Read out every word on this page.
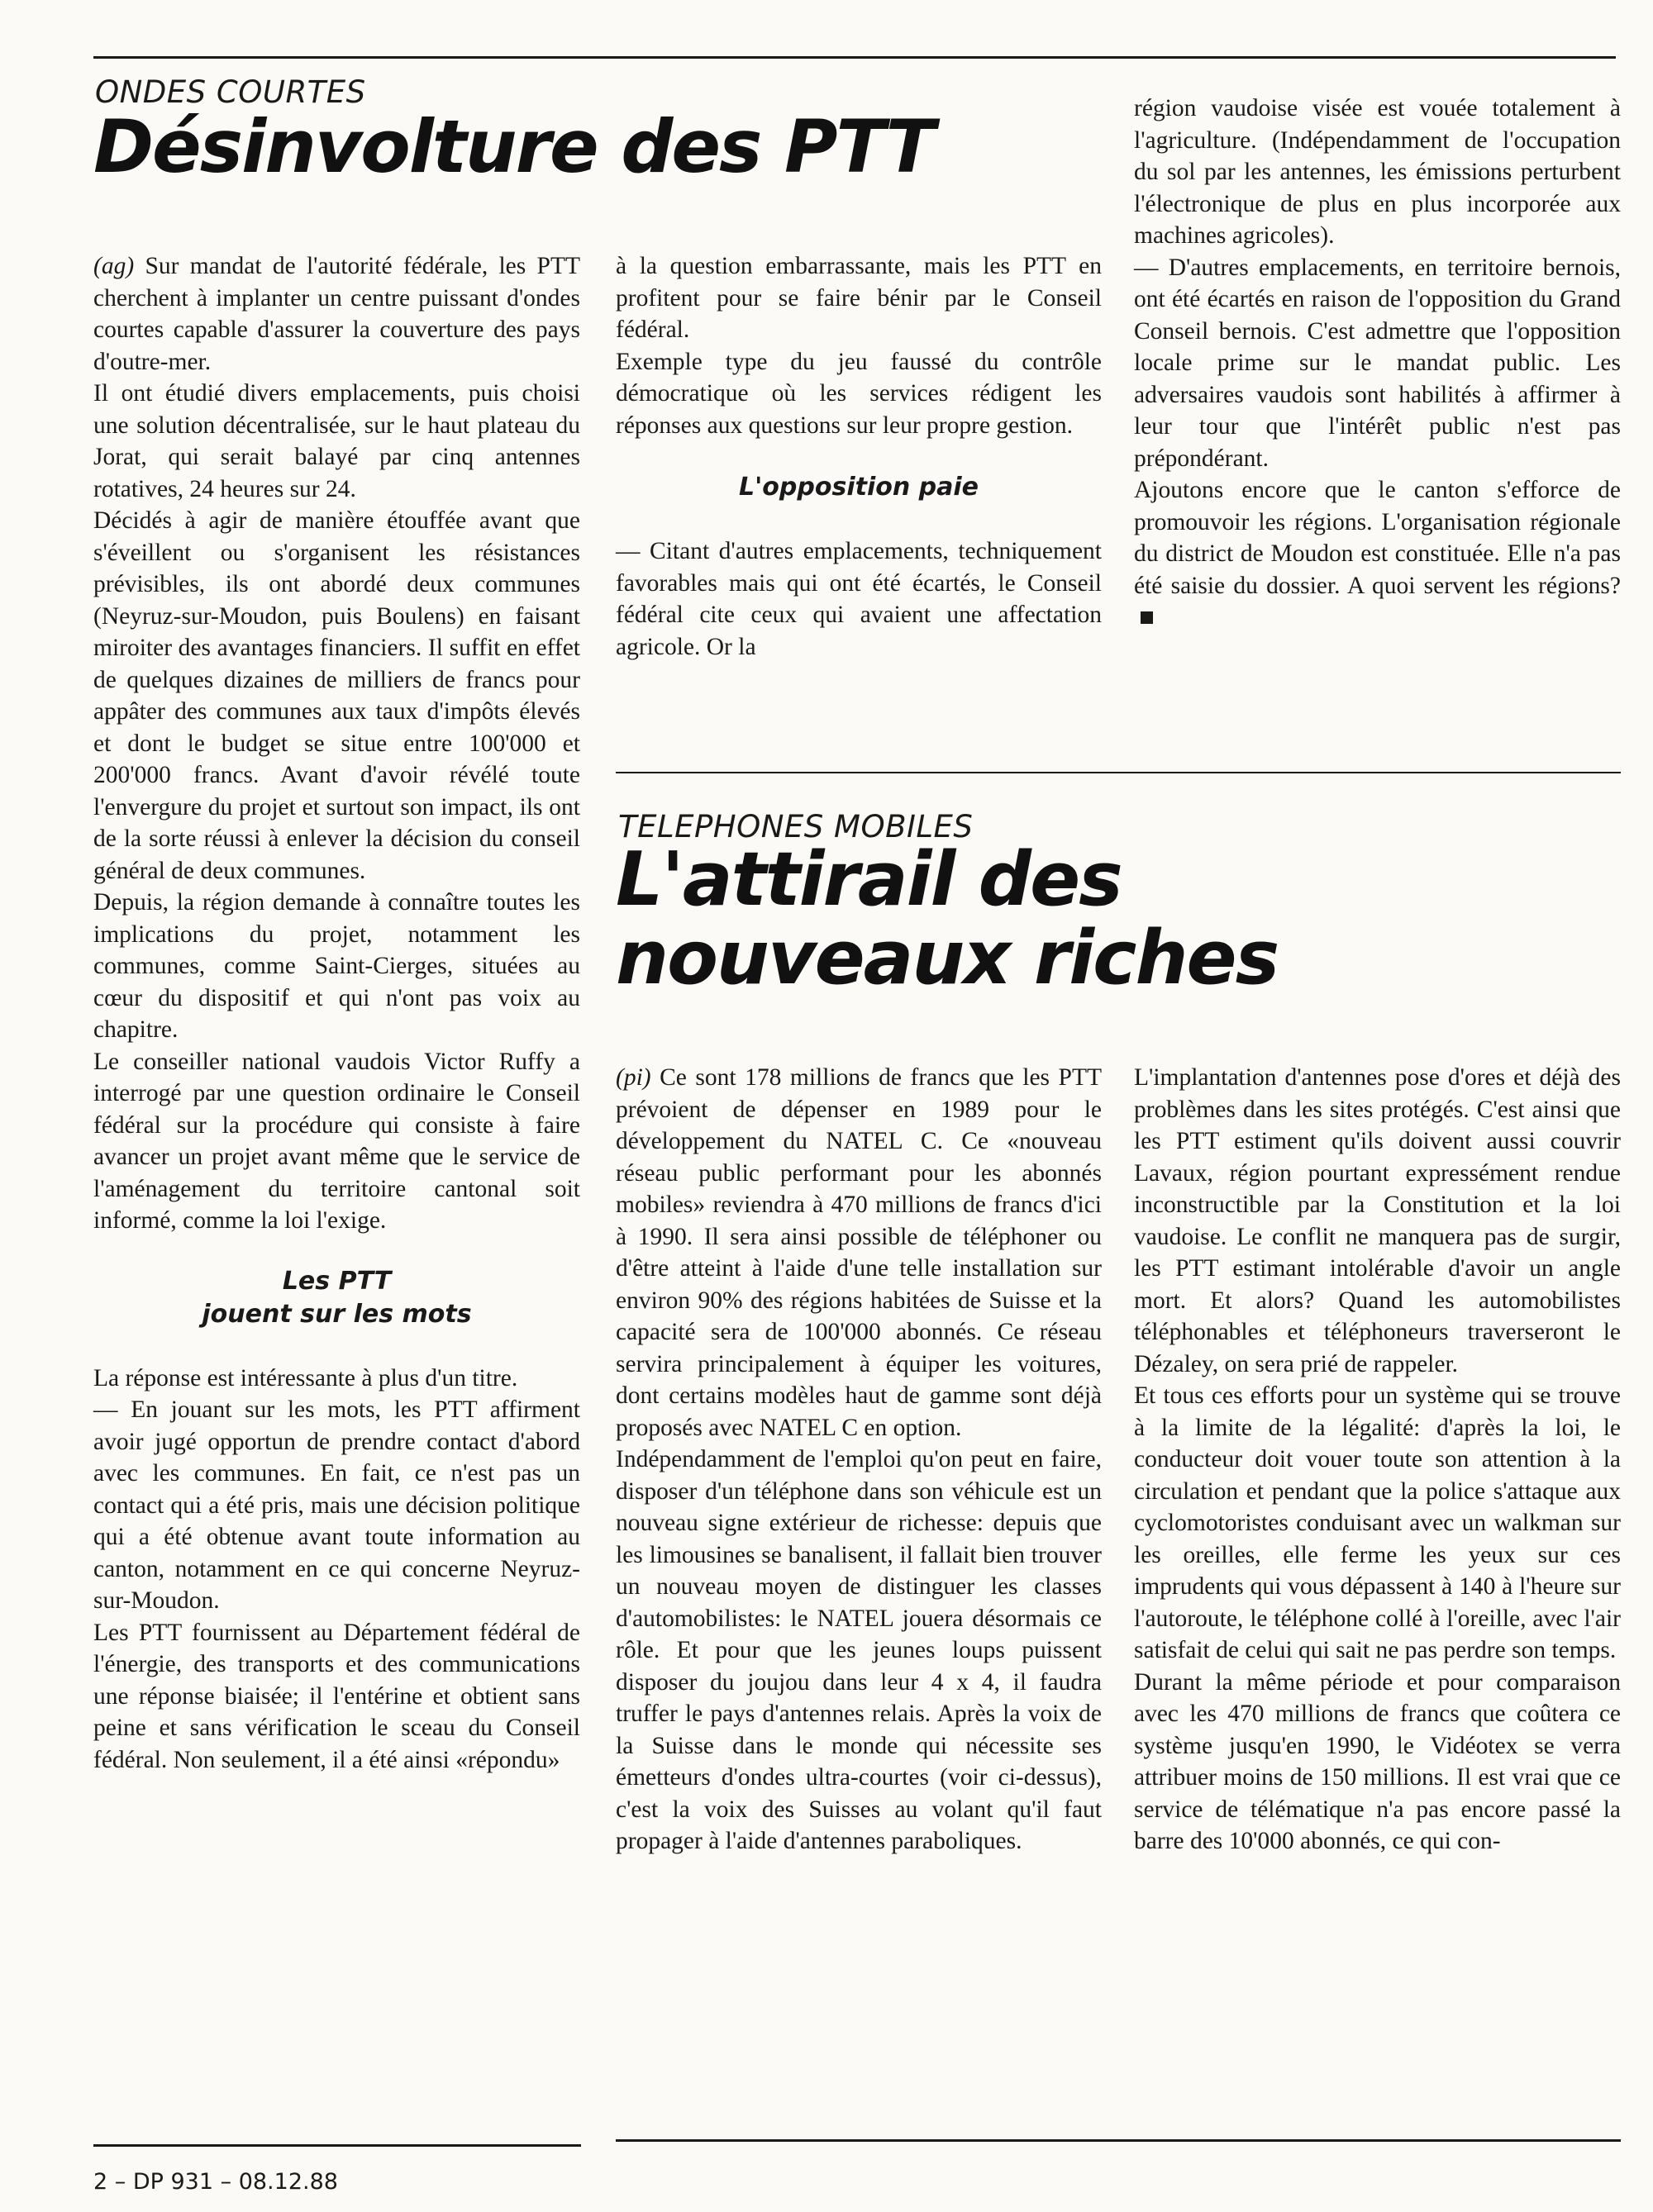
ONDES COURTES
Désinvolture des PTT

(ag) Sur mandat de l'autorité fédérale, les PTT cherchent à implanter un centre puissant d'ondes courtes capable d'assurer la couverture des pays d'outre-mer.

Il ont étudié divers emplacements, puis choisi une solution décentralisée, sur le haut plateau du Jorat, qui serait balayé par cinq antennes rotatives, 24 heures sur 24.

Décidés à agir de manière étouffée avant que s'éveillent ou s'organisent les résistances prévisibles, ils ont abordé deux communes (Neyruz-sur-Moudon, puis Boulens) en faisant miroiter des avantages financiers. Il suffit en effet de quelques dizaines de milliers de francs pour appâter des communes aux taux d'impôts élevés et dont le budget se situe entre 100'000 et 200'000 francs. Avant d'avoir révélé toute l'envergure du projet et surtout son impact, ils ont de la sorte réussi à enlever la décision du conseil général de deux communes.

Depuis, la région demande à connaître toutes les implications du projet, notamment les communes, comme Saint-Cierges, situées au cœur du dispositif et qui n'ont pas voix au chapitre.

Le conseiller national vaudois Victor Ruffy a interrogé par une question ordinaire le Conseil fédéral sur la procédure qui consiste à faire avancer un projet avant même que le service de l'aménagement du territoire cantonal soit informé, comme la loi l'exige.

Les PTT

jouent sur les mots

La réponse est intéressante à plus d'un titre.

— En jouant sur les mots, les PTT affirment avoir jugé opportun de prendre contact d'abord avec les communes. En fait, ce n'est pas un contact qui a été pris, mais une décision politique qui a été obtenue avant toute information au canton, notamment en ce qui concerne Neyruz-sur-Moudon.

Les PTT fournissent au Département fédéral de l'énergie, des transports et des communications une réponse biaisée; il l'entérine et obtient sans peine et sans vérification le sceau du Conseil fédéral. Non seulement, il a été ainsi «répondu»

à la question embarrassante, mais les PTT en profitent pour se faire bénir par le Conseil fédéral.

Exemple type du jeu faussé du contrôle démocratique où les services rédigent les réponses aux questions sur leur propre gestion.

L'opposition paie

— Citant d'autres emplacements, techniquement favorables mais qui ont été écartés, le Conseil fédéral cite ceux qui avaient une affectation agricole. Or la

région vaudoise visée est vouée totalement à l'agriculture. (Indépendamment de l'occupation du sol par les antennes, les émissions perturbent l'électronique de plus en plus incorporée aux machines agricoles).

— D'autres emplacements, en territoire bernois, ont été écartés en raison de l'opposition du Grand Conseil bernois. C'est admettre que l'opposition locale prime sur le mandat public. Les adversaires vaudois sont habilités à affirmer à leur tour que l'intérêt public n'est pas prépondérant.

Ajoutons encore que le canton s'efforce de promouvoir les régions. L'organisation régionale du district de Moudon est constituée. Elle n'a pas été saisie du dossier. A quoi servent les régions?

TELEPHONES MOBILES
L'attirail des
nouveaux riches

(pi) Ce sont 178 millions de francs que les PTT prévoient de dépenser en 1989 pour le développement du NATEL C. Ce «nouveau réseau public performant pour les abonnés mobiles» reviendra à 470 millions de francs d'ici à 1990. Il sera ainsi possible de téléphoner ou d'être atteint à l'aide d'une telle installation sur environ 90% des régions habitées de Suisse et la capacité sera de 100'000 abonnés. Ce réseau servira principalement à équiper les voitures, dont certains modèles haut de gamme sont déjà proposés avec NATEL C en option.

Indépendamment de l'emploi qu'on peut en faire, disposer d'un téléphone dans son véhicule est un nouveau signe extérieur de richesse: depuis que les limousines se banalisent, il fallait bien trouver un nouveau moyen de distinguer les classes d'automobilistes: le NATEL jouera désormais ce rôle. Et pour que les jeunes loups puissent disposer du joujou dans leur 4 x 4, il faudra truffer le pays d'antennes relais. Après la voix de la Suisse dans le monde qui nécessite ses émetteurs d'ondes ultra-courtes (voir ci-dessus), c'est la voix des Suisses au volant qu'il faut propager à l'aide d'antennes paraboliques.

L'implantation d'antennes pose d'ores et déjà des problèmes dans les sites protégés. C'est ainsi que les PTT estiment qu'ils doivent aussi couvrir Lavaux, région pourtant expressément rendue inconstructible par la Constitution et la loi vaudoise. Le conflit ne manquera pas de surgir, les PTT estimant intolérable d'avoir un angle mort. Et alors? Quand les automobilistes téléphonables et téléphoneurs traverseront le Dézaley, on sera prié de rappeler.

Et tous ces efforts pour un système qui se trouve à la limite de la légalité: d'après la loi, le conducteur doit vouer toute son attention à la circulation et pendant que la police s'attaque aux cyclomotoristes conduisant avec un walkman sur les oreilles, elle ferme les yeux sur ces imprudents qui vous dépassent à 140 à l'heure sur l'autoroute, le téléphone collé à l'oreille, avec l'air satisfait de celui qui sait ne pas perdre son temps.

Durant la même période et pour comparaison avec les 470 millions de francs que coûtera ce système jusqu'en 1990, le Vidéotex se verra attribuer moins de 150 millions. Il est vrai que ce service de télématique n'a pas encore passé la barre des 10'000 abonnés, ce qui con-

2 – DP 931 – 08.12.88
